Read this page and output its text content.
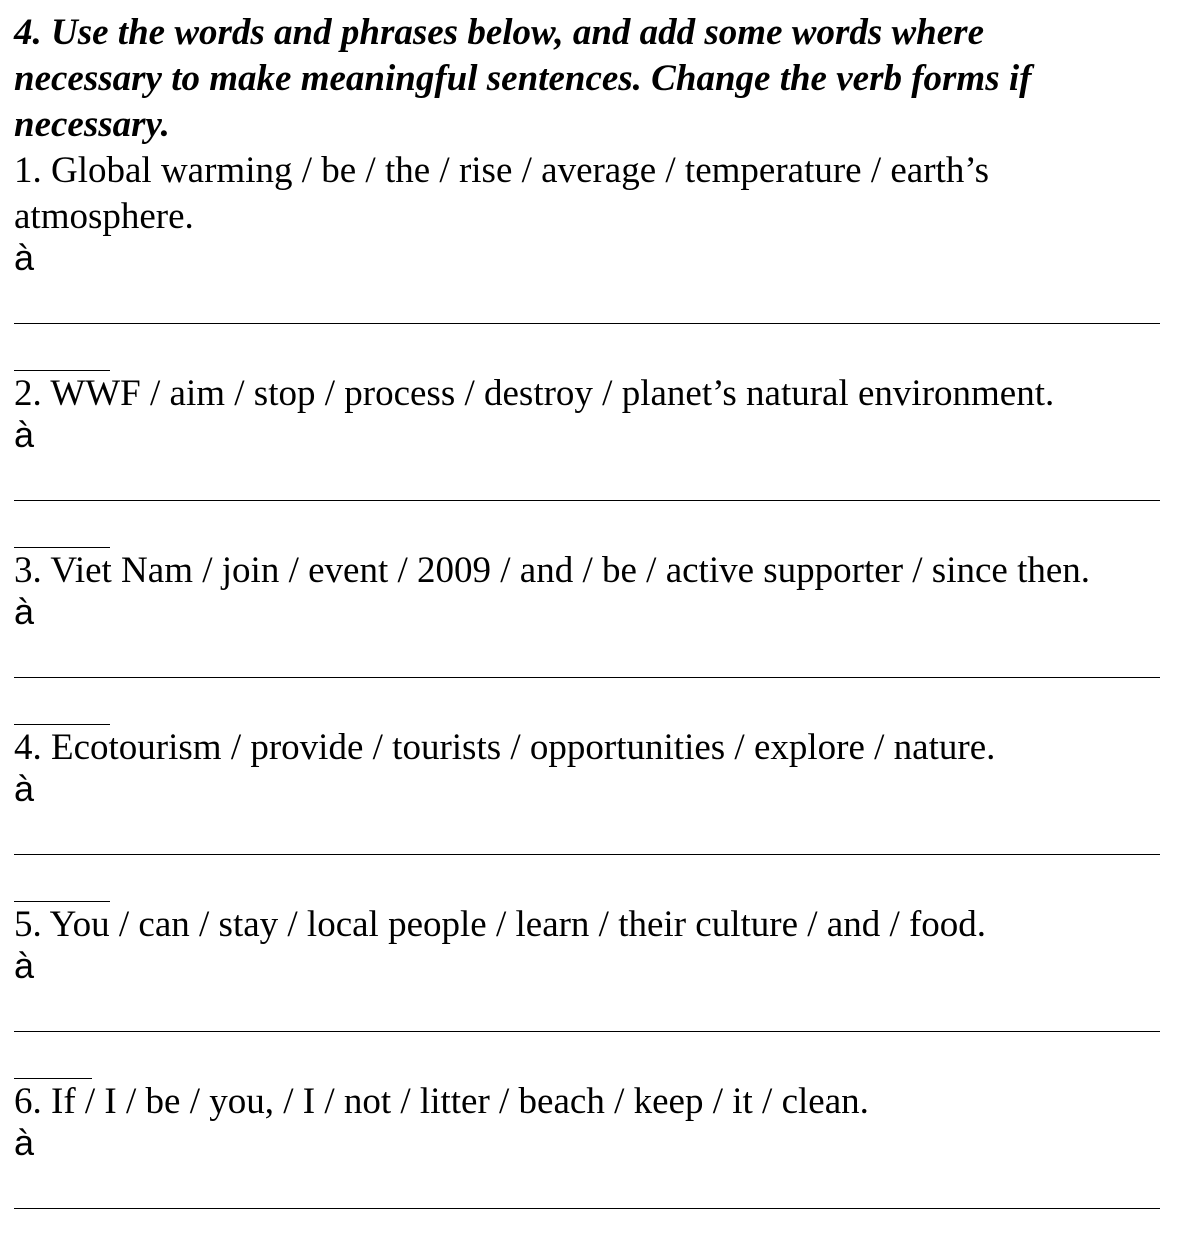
4. Use the words and phrases below, and add some words where necessary to make meaningful sentences. Change the verb forms if necessary.

1. Global warming / be / the / rise / average / temperature / earth’s atmosphere.

à

2. WWF / aim / stop / process / destroy / planet’s natural environment.

à

3. Viet Nam / join / event / 2009 / and / be / active supporter / since then.

à

4. Ecotourism / provide / tourists / opportunities / explore / nature.

à

5. You / can / stay / local people / learn / their culture / and / food.

à

6. If / I / be / you, / I / not / litter / beach / keep / it / clean.

à
